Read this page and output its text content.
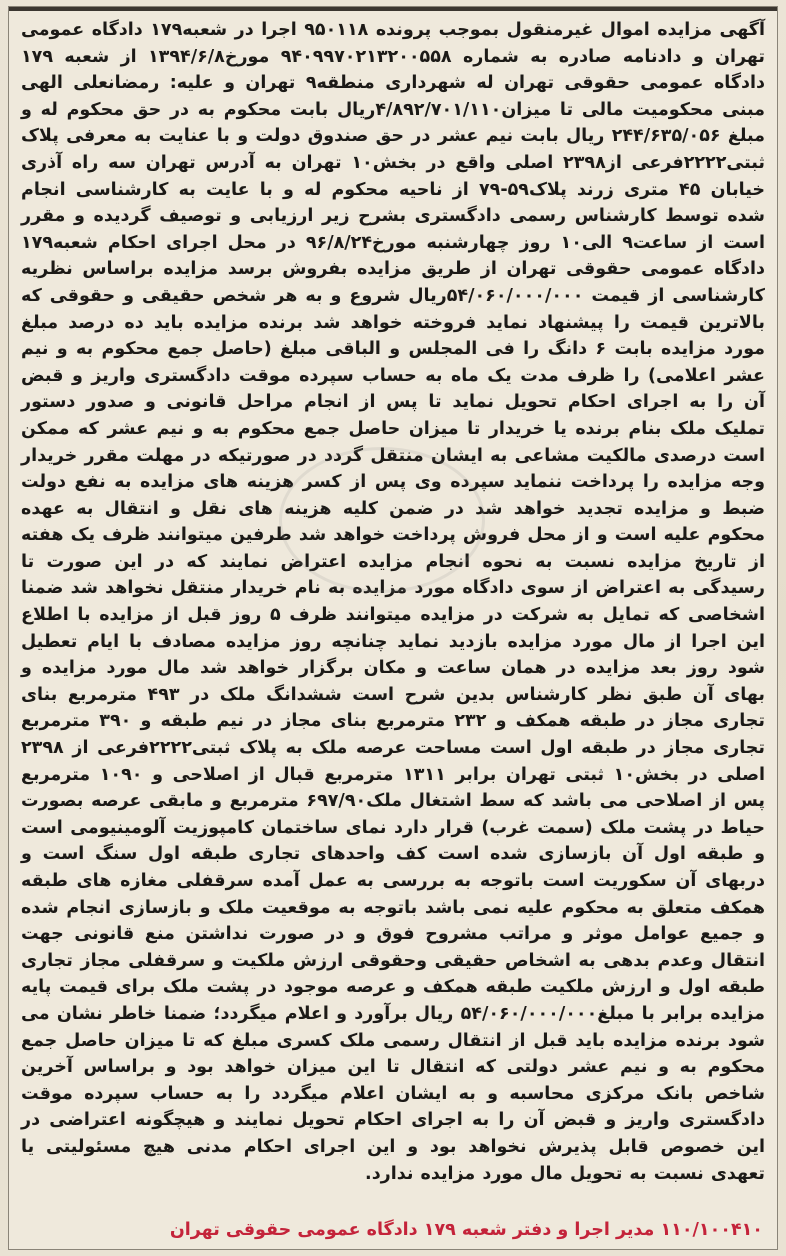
آگهی مزایده اموال غیرمنقول بموجب پرونده ۹۵۰۱۱۸ اجرا در شعبه۱۷۹ دادگاه عمومی تهران و دادنامه صادره به شماره ۹۴۰۹۹۷۰۲۱۳۲۰۰۵۵۸ مورخ۱۳۹۴/۶/۸ از شعبه ۱۷۹ دادگاه عمومی حقوقی تهران له شهرداری منطقه۹ تهران و علیه: رمضانعلی الهی مبنی محکومیت مالی تا میزان۴/۸۹۲/۷۰۱/۱۱۰ریال بابت محکوم به در حق محکوم له و مبلغ ۲۴۴/۶۳۵/۰۵۶ ریال بابت نیم عشر در حق صندوق دولت و با عنایت به معرفی پلاک ثبتی۲۲۲۲فرعی از۲۳۹۸ اصلی واقع در بخش۱۰ تهران به آدرس تهران سه راه آذری خیابان ۴۵ متری زرند پلاک۵۹-۷۹ از ناحیه محکوم له و با عایت به کارشناسی انجام شده توسط کارشناس رسمی دادگستری بشرح زیر ارزیابی و توصیف گردیده و مقرر است از ساعت۹ الی۱۰ روز چهارشنبه مورخ۹۶/۸/۲۴ در محل اجرای احکام شعبه۱۷۹ دادگاه عمومی حقوقی تهران از طریق مزایده بفروش برسد مزایده براساس نظریه کارشناسی از قیمت ۵۴/۰۶۰/۰۰۰/۰۰۰ریال شروع و به هر شخص حقیقی و حقوقی که بالاترین قیمت را پیشنهاد نماید فروخته خواهد شد برنده مزایده باید ده درصد مبلغ مورد مزایده بابت ۶ دانگ را فی المجلس و الباقی مبلغ (حاصل جمع محکوم به و نیم عشر اعلامی) را ظرف مدت یک ماه به حساب سپرده موقت دادگستری واریز و قبض آن را به اجرای احکام تحویل نماید تا پس از انجام مراحل قانونی و صدور دستور تملیک ملک بنام برنده یا خریدار تا میزان حاصل جمع محکوم به و نیم عشر که ممکن است درصدی مالکیت مشاعی به ایشان منتقل گردد در صورتیکه در مهلت مقرر خریدار وجه مزایده را پرداخت ننماید سپرده وی پس از کسر هزینه های مزایده به نفع دولت ضبط و مزایده تجدید خواهد شد در ضمن کلیه هزینه های نقل و انتقال به عهده محکوم علیه است و از محل فروش پرداخت خواهد شد طرفین میتوانند ظرف یک هفته از تاریخ مزایده نسبت به نحوه انجام مزایده اعتراض نمایند که در این صورت تا رسیدگی به اعتراض از سوی دادگاه مورد مزایده به نام خریدار منتقل نخواهد شد ضمنا اشخاصی که تمایل به شرکت در مزایده میتوانند ظرف ۵ روز قبل از مزایده با اطلاع این اجرا از مال مورد مزایده بازدید نماید چنانچه روز مزایده مصادف با ایام تعطیل شود روز بعد مزایده در همان ساعت و مکان برگزار خواهد شد مال مورد مزایده و بهای آن طبق نظر کارشناس بدین شرح است ششدانگ ملک در ۴۹۳ مترمربع بنای تجاری مجاز در طبقه همکف و ۲۳۲ مترمربع بنای مجاز در نیم طبقه و ۳۹۰ مترمربع تجاری مجاز در طبقه اول است مساحت عرصه ملک به پلاک ثبتی۲۲۲۲فرعی از ۲۳۹۸ اصلی در بخش۱۰ ثبتی تهران برابر ۱۳۱۱ مترمربع قبال از اصلاحی و ۱۰۹۰ مترمربع پس از اصلاحی می باشد که سط اشتغال ملک۶۹۷/۹۰ مترمربع و مابقی عرصه بصورت حیاط در پشت ملک (سمت غرب) قرار دارد نمای ساختمان کامپوزیت آلومینیومی است و طبقه اول آن بازسازی شده است کف واحدهای تجاری طبقه اول سنگ است و دربهای آن سکوریت است باتوجه به بررسی به عمل آمده سرقفلی مغازه های طبقه همکف متعلق به محکوم علیه نمی باشد باتوجه به موقعیت ملک و بازسازی انجام شده و جمیع عوامل موثر و مراتب مشروح فوق و در صورت نداشتن منع قانونی جهت انتقال وعدم بدهی به اشخاص حقیقی وحقوقی ارزش ملکیت و سرقفلی مجاز تجاری طبقه اول و ارزش ملکیت طبقه همکف و عرصه موجود در پشت ملک برای قیمت پایه مزایده برابر با مبلغ۵۴/۰۶۰/۰۰۰/۰۰۰ ریال برآورد و اعلام میگردد؛ ضمنا خاطر نشان می شود برنده مزایده باید قبل از انتقال رسمی ملک کسری مبلغ که تا میزان حاصل جمع محکوم به و نیم عشر دولتی که انتقال تا این میزان خواهد بود و براساس آخرین شاخص بانک مرکزی محاسبه و به ایشان اعلام میگردد را به حساب سپرده موقت دادگستری واریز و قبض آن را به اجرای احکام تحویل نمایند و هیچگونه اعتراضی در این خصوص قابل پذیرش نخواهد بود و این اجرای احکام مدنی هیچ مسئولیتی یا تعهدی نسبت به تحویل مال مورد مزایده ندارد.

۱۱۰/۱۰۰۴۱۰ مدیر اجرا و دفتر شعبه ۱۷۹ دادگاه عمومی حقوقی تهران
